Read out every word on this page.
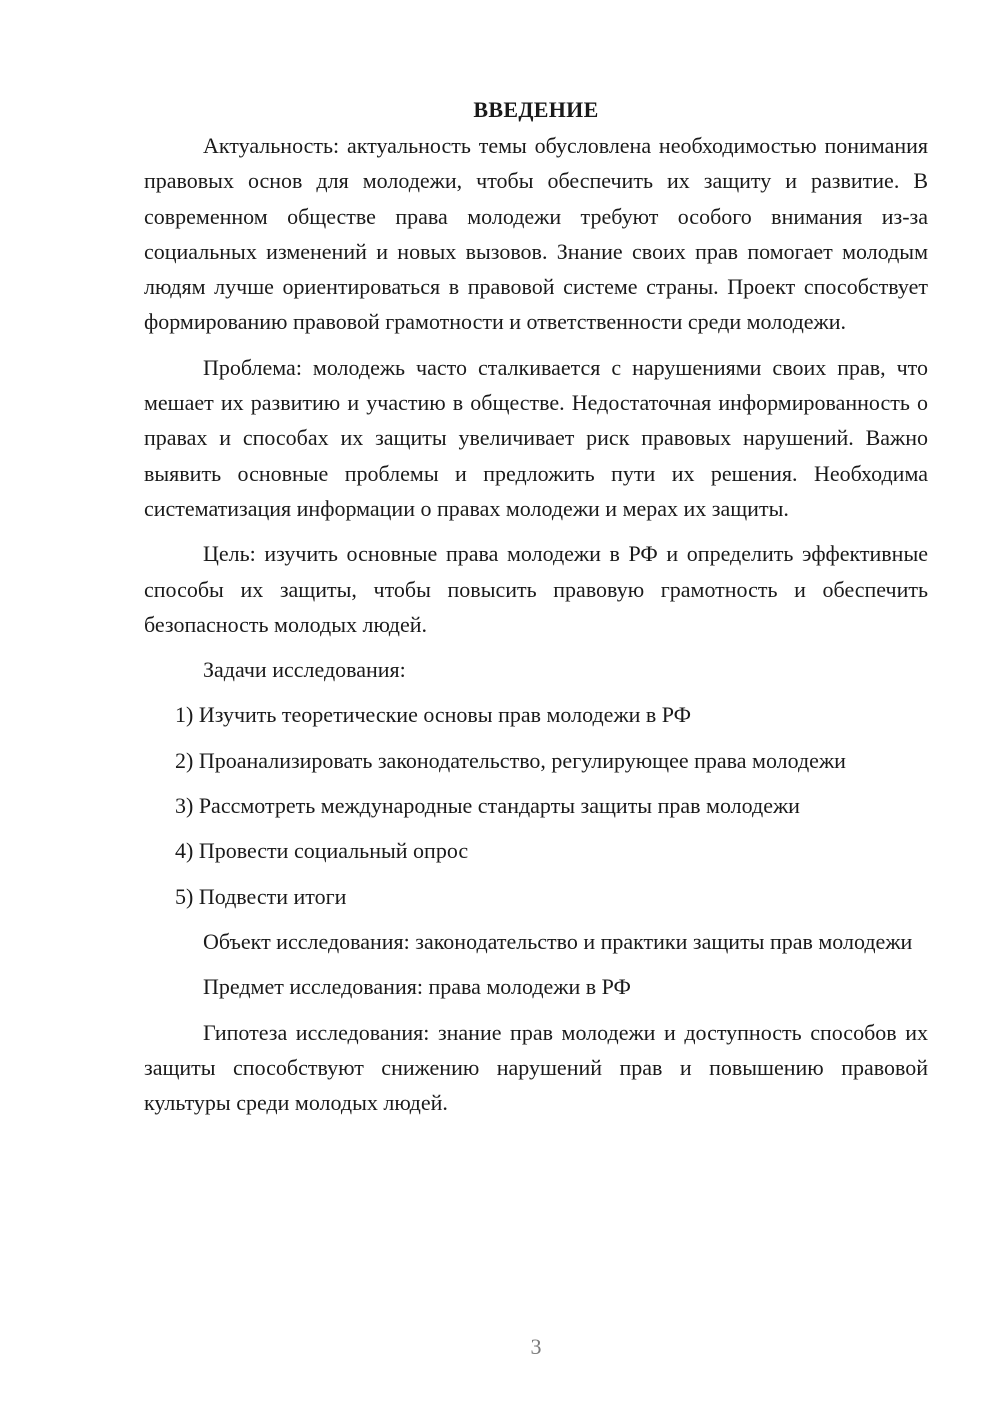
ВВЕДЕНИЕ

Актуальность: актуальность темы обусловлена необходимостью понимания правовых основ для молодежи, чтобы обеспечить их защиту и развитие. В современном обществе права молодежи требуют особого внимания из-за социальных изменений и новых вызовов. Знание своих прав помогает молодым людям лучше ориентироваться в правовой системе страны. Проект способствует формированию правовой грамотности и ответственности среди молодежи.

Проблема: молодежь часто сталкивается с нарушениями своих прав, что мешает их развитию и участию в обществе. Недостаточная информированность о правах и способах их защиты увеличивает риск правовых нарушений. Важно выявить основные проблемы и предложить пути их решения. Необходима систематизация информации о правах молодежи и мерах их защиты.

Цель: изучить основные права молодежи в РФ и определить эффективные способы их защиты, чтобы повысить правовую грамотность и обеспечить безопасность молодых людей.

Задачи исследования:

1) Изучить теоретические основы прав молодежи в РФ

2) Проанализировать законодательство, регулирующее права молодежи

3) Рассмотреть международные стандарты защиты прав молодежи

4) Провести социальный опрос

5) Подвести итоги

Объект исследования: законодательство и практики защиты прав молодежи

Предмет исследования: права молодежи в РФ

Гипотеза исследования: знание прав молодежи и доступность способов их защиты способствуют снижению нарушений прав и повышению правовой культуры среди молодых людей.

3
